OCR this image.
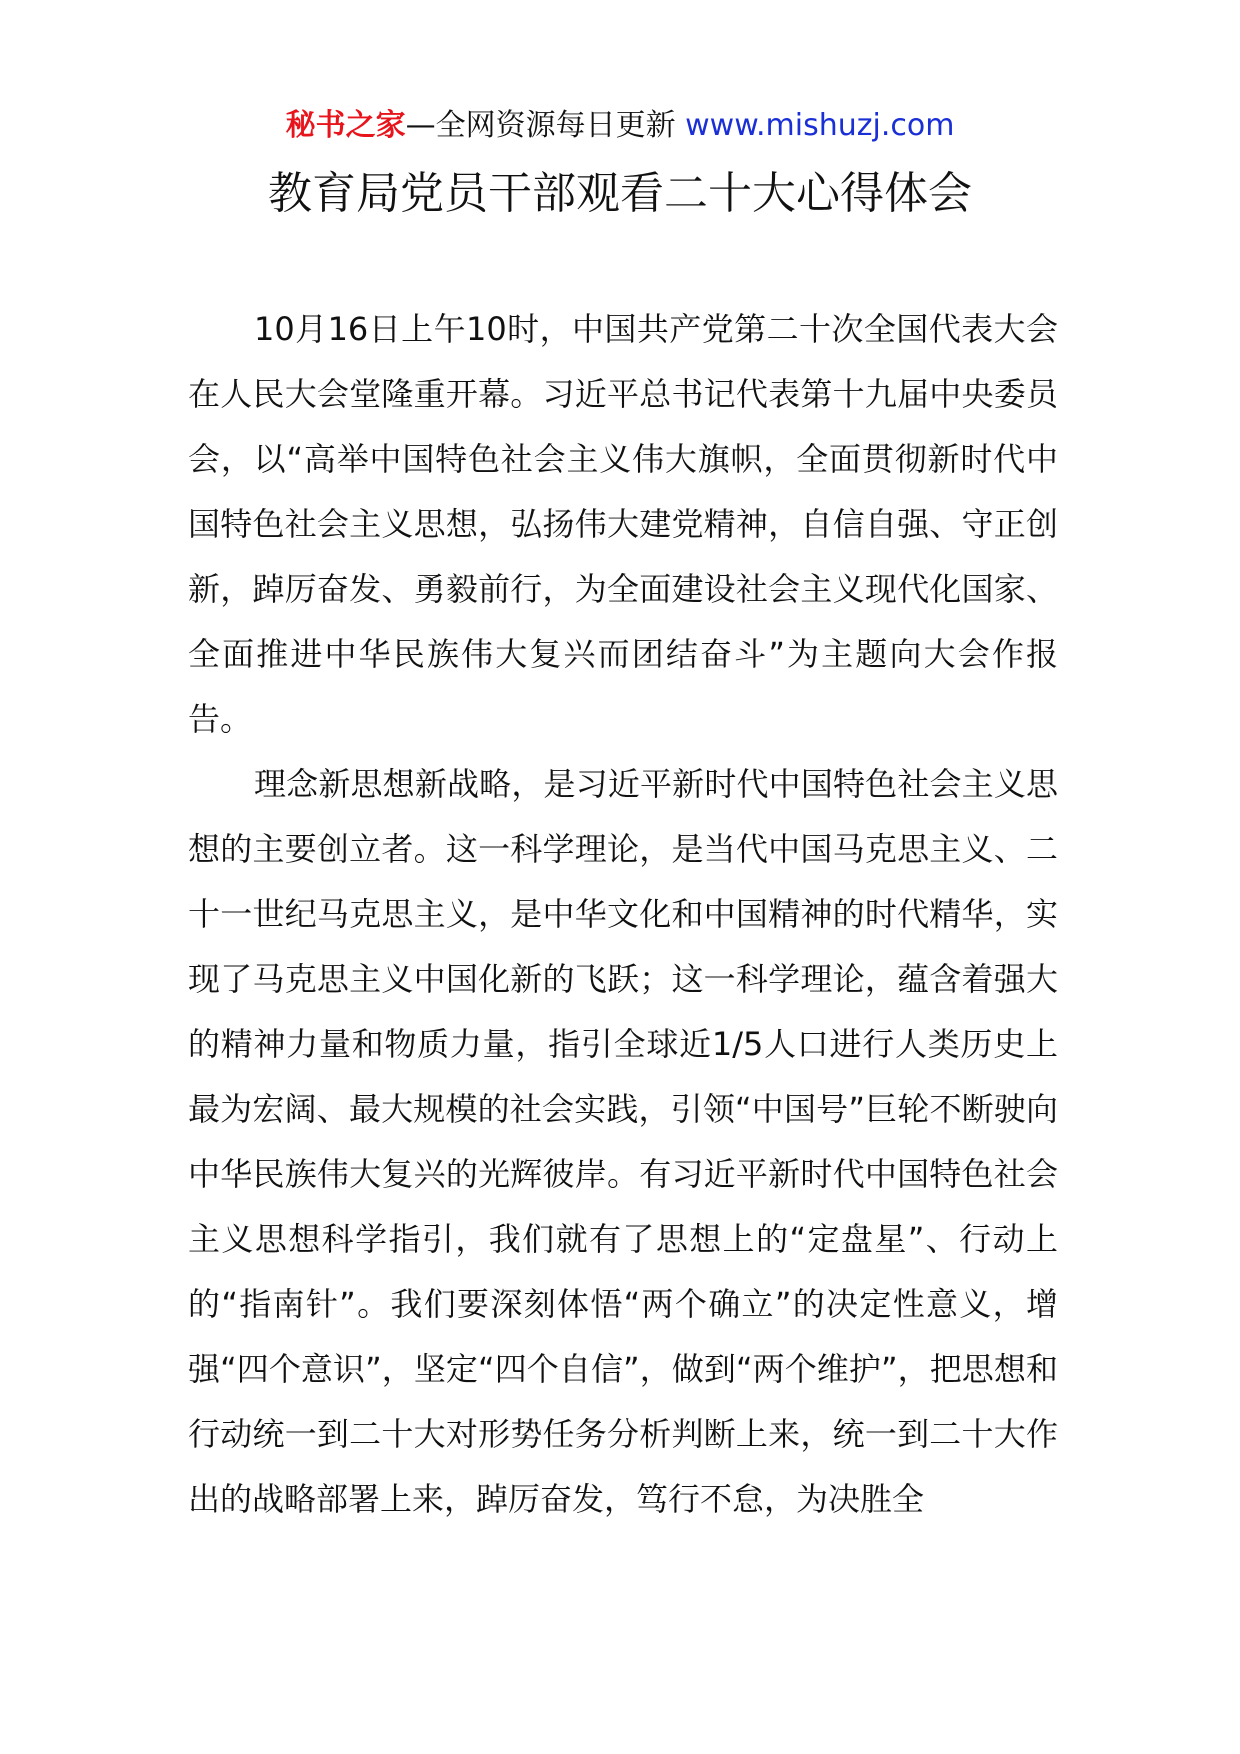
秘书之家—全网资源每日更新 www.mishuzj.com
教育局党员干部观看二十大心得体会

10月16日上午10时，中国共产党第二十次全国代表大会在人民大会堂隆重开幕。习近平总书记代表第十九届中央委员会，以“高举中国特色社会主义伟大旗帜，全面贯彻新时代中国特色社会主义思想，弘扬伟大建党精神，自信自强、守正创新，踔厉奋发、勇毅前行，为全面建设社会主义现代化国家、全面推进中华民族伟大复兴而团结奋斗”为主题向大会作报告。

理念新思想新战略，是习近平新时代中国特色社会主义思想的主要创立者。这一科学理论，是当代中国马克思主义、二十一世纪马克思主义，是中华文化和中国精神的时代精华，实现了马克思主义中国化新的飞跃；这一科学理论，蕴含着强大的精神力量和物质力量，指引全球近1/5人口进行人类历史上最为宏阔、最大规模的社会实践，引领“中国号”巨轮不断驶向中华民族伟大复兴的光辉彼岸。有习近平新时代中国特色社会主义思想科学指引，我们就有了思想上的“定盘星”、行动上的“指南针”。我们要深刻体悟“两个确立”的决定性意义，增强“四个意识”，坚定“四个自信”，做到“两个维护”，把思想和行动统一到二十大对形势任务分析判断上来，统一到二十大作出的战略部署上来，踔厉奋发，笃行不怠，为决胜全
